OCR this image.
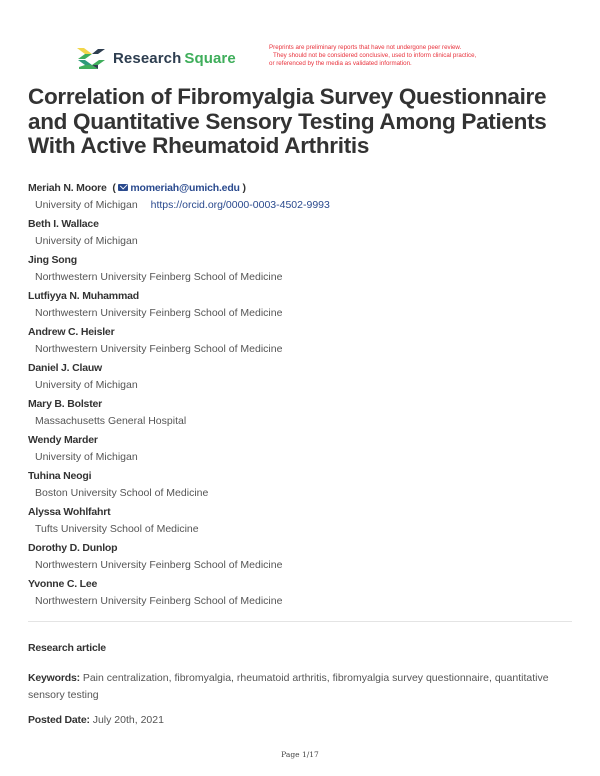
Research Square
Preprints are preliminary reports that have not undergone peer review.
They should not be considered conclusive, used to inform clinical practice,
or referenced by the media as validated information.
Correlation of Fibromyalgia Survey Questionnaire and Quantitative Sensory Testing Among Patients With Active Rheumatoid Arthritis
Meriah N. Moore ( momeriah@umich.edu )
University of Michigan https://orcid.org/0000-0003-4502-9993
Beth I. Wallace
University of Michigan
Jing Song
Northwestern University Feinberg School of Medicine
Lutfiyya N. Muhammad
Northwestern University Feinberg School of Medicine
Andrew C. Heisler
Northwestern University Feinberg School of Medicine
Daniel J. Clauw
University of Michigan
Mary B. Bolster
Massachusetts General Hospital
Wendy Marder
University of Michigan
Tuhina Neogi
Boston University School of Medicine
Alyssa Wohlfahrt
Tufts University School of Medicine
Dorothy D. Dunlop
Northwestern University Feinberg School of Medicine
Yvonne C. Lee
Northwestern University Feinberg School of Medicine
Research article
Keywords: Pain centralization, fibromyalgia, rheumatoid arthritis, fibromyalgia survey questionnaire, quantitative sensory testing
Posted Date: July 20th, 2021
Page 1/17
